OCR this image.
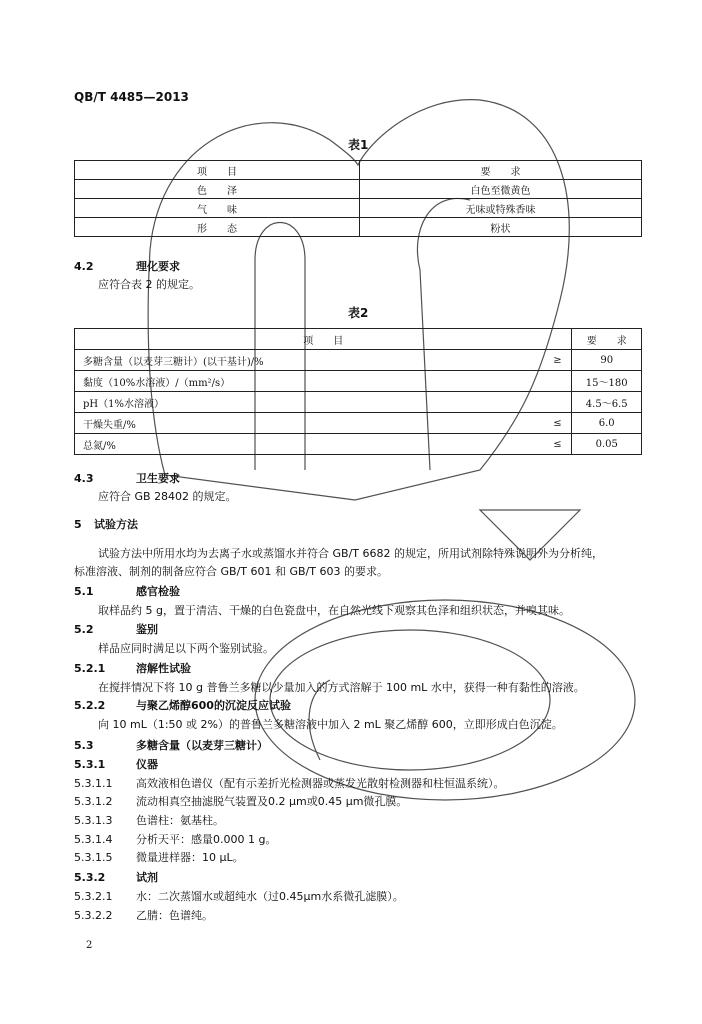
QB/T 4485—2013
表1
项　　目	要　　求
色　　泽	白色至微黄色
气　　味	无味或特殊香味
形　　态	粉状
4.2	理化要求
应符合表 2 的规定。
表2
项　　目		要　　求
多糖含量（以麦芽三糖计）(以干基计)/%	≥	90
黏度（10%水溶液）/（mm²/s）		15～180
pH（1%水溶液）		4.5～6.5
干燥失重/%	≤	6.0
总氮/%	≤	0.05
4.3	卫生要求
应符合 GB 28402 的规定。
5 试验方法
试验方法中所用水均为去离子水或蒸馏水并符合 GB/T 6682 的规定，所用试剂除特殊说明外为分析纯，
标准溶液、制剂的制备应符合 GB/T 601 和 GB/T 603 的要求。
5.1	感官检验
取样品约 5 g，置于清洁、干燥的白色瓷盘中，在自然光线下观察其色泽和组织状态，并嗅其味。
5.2	鉴别
样品应同时满足以下两个鉴别试验。
5.2.1	溶解性试验
在搅拌情况下将 10 g 普鲁兰多糖以少量加入的方式溶解于 100 mL 水中，获得一种有黏性的溶液。
5.2.2	与聚乙烯醇600的沉淀反应试验
向 10 mL（1:50 或 2%）的普鲁兰多糖溶液中加入 2 mL 聚乙烯醇 600，立即形成白色沉淀。
5.3	多糖含量（以麦芽三糖计）
5.3.1	仪器
5.3.1.1 高效液相色谱仪（配有示差折光检测器或蒸发光散射检测器和柱恒温系统）。
5.3.1.2 流动相真空抽滤脱气装置及0.2 μm或0.45 μm微孔膜。
5.3.1.3 色谱柱：氨基柱。
5.3.1.4 分析天平：感量0.000 1 g。
5.3.1.5 微量进样器：10 μL。
5.3.2	试剂
5.3.2.1 水：二次蒸馏水或超纯水（过0.45μm水系微孔滤膜）。
5.3.2.2 乙腈：色谱纯。
2
